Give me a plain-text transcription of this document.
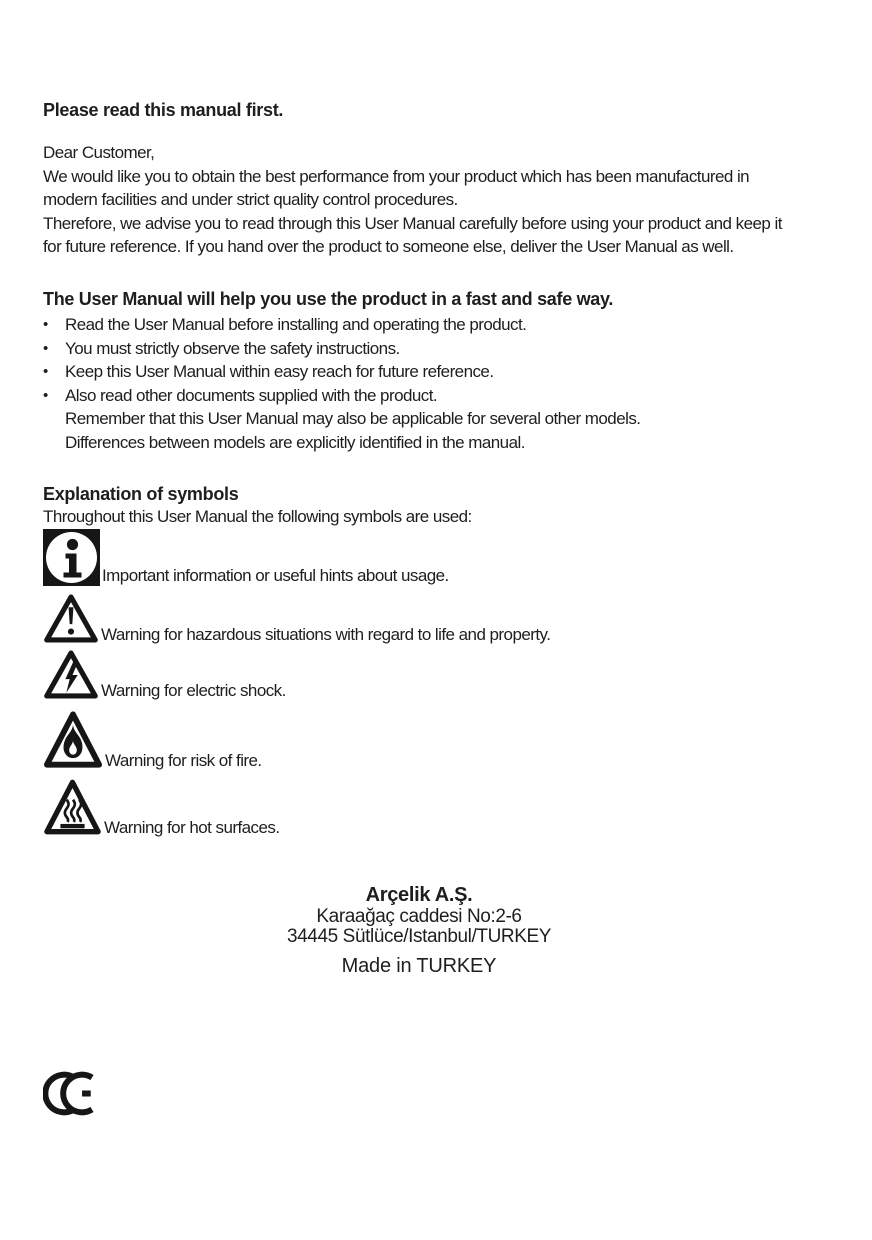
Please read this manual first.
Dear Customer,
We would like you to obtain the best performance from your product which has been manufactured in
modern facilities and under strict quality control procedures.
Therefore, we advise you to read through this User Manual carefully before using your product and keep it
for future reference. If you hand over the product to someone else, deliver the User Manual as well.
The User Manual will help you use the product in a fast and safe way.
• Read the User Manual before installing and operating the product.
• You must strictly observe the safety instructions.
• Keep this User Manual within easy reach for future reference.
• Also read other documents supplied with the product.
Remember that this User Manual may also be applicable for several other models.
Differences between models are explicitly identified in the manual.
Explanation of symbols
Throughout this User Manual the following symbols are used:
Important information or useful hints about usage.
Warning for hazardous situations with regard to life and property.
Warning for electric shock.
Warning for risk of fire.
Warning for hot surfaces.
Arçelik A.Ş.
Karaağaç caddesi No:2-6
34445 Sütlüce/Istanbul/TURKEY
Made in TURKEY
